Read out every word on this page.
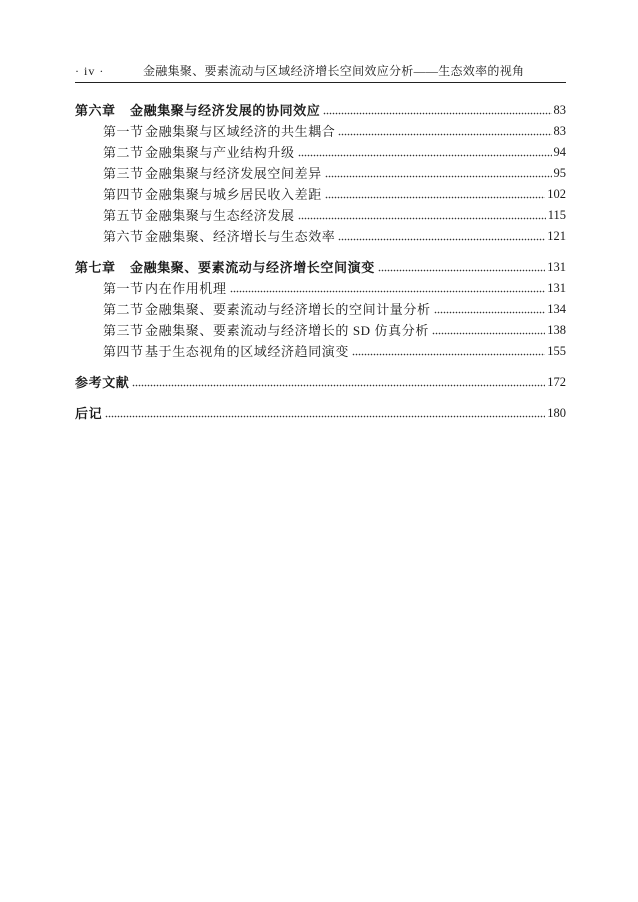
· iv ·	金融集聚、要素流动与区域经济增长空间效应分析——生态效率的视角
第六章	金融集聚与经济发展的协同效应	83
第一节 金融集聚与区域经济的共生耦合	83
第二节 金融集聚与产业结构升级	94
第三节 金融集聚与经济发展空间差异	95
第四节 金融集聚与城乡居民收入差距	102
第五节 金融集聚与生态经济发展	115
第六节 金融集聚、经济增长与生态效率	121
第七章	金融集聚、要素流动与经济增长空间演变	131
第一节 内在作用机理	131
第二节 金融集聚、要素流动与经济增长的空间计量分析	134
第三节 金融集聚、要素流动与经济增长的 SD 仿真分析	138
第四节 基于生态视角的区域经济趋同演变	155
参考文献	172
后记	180
